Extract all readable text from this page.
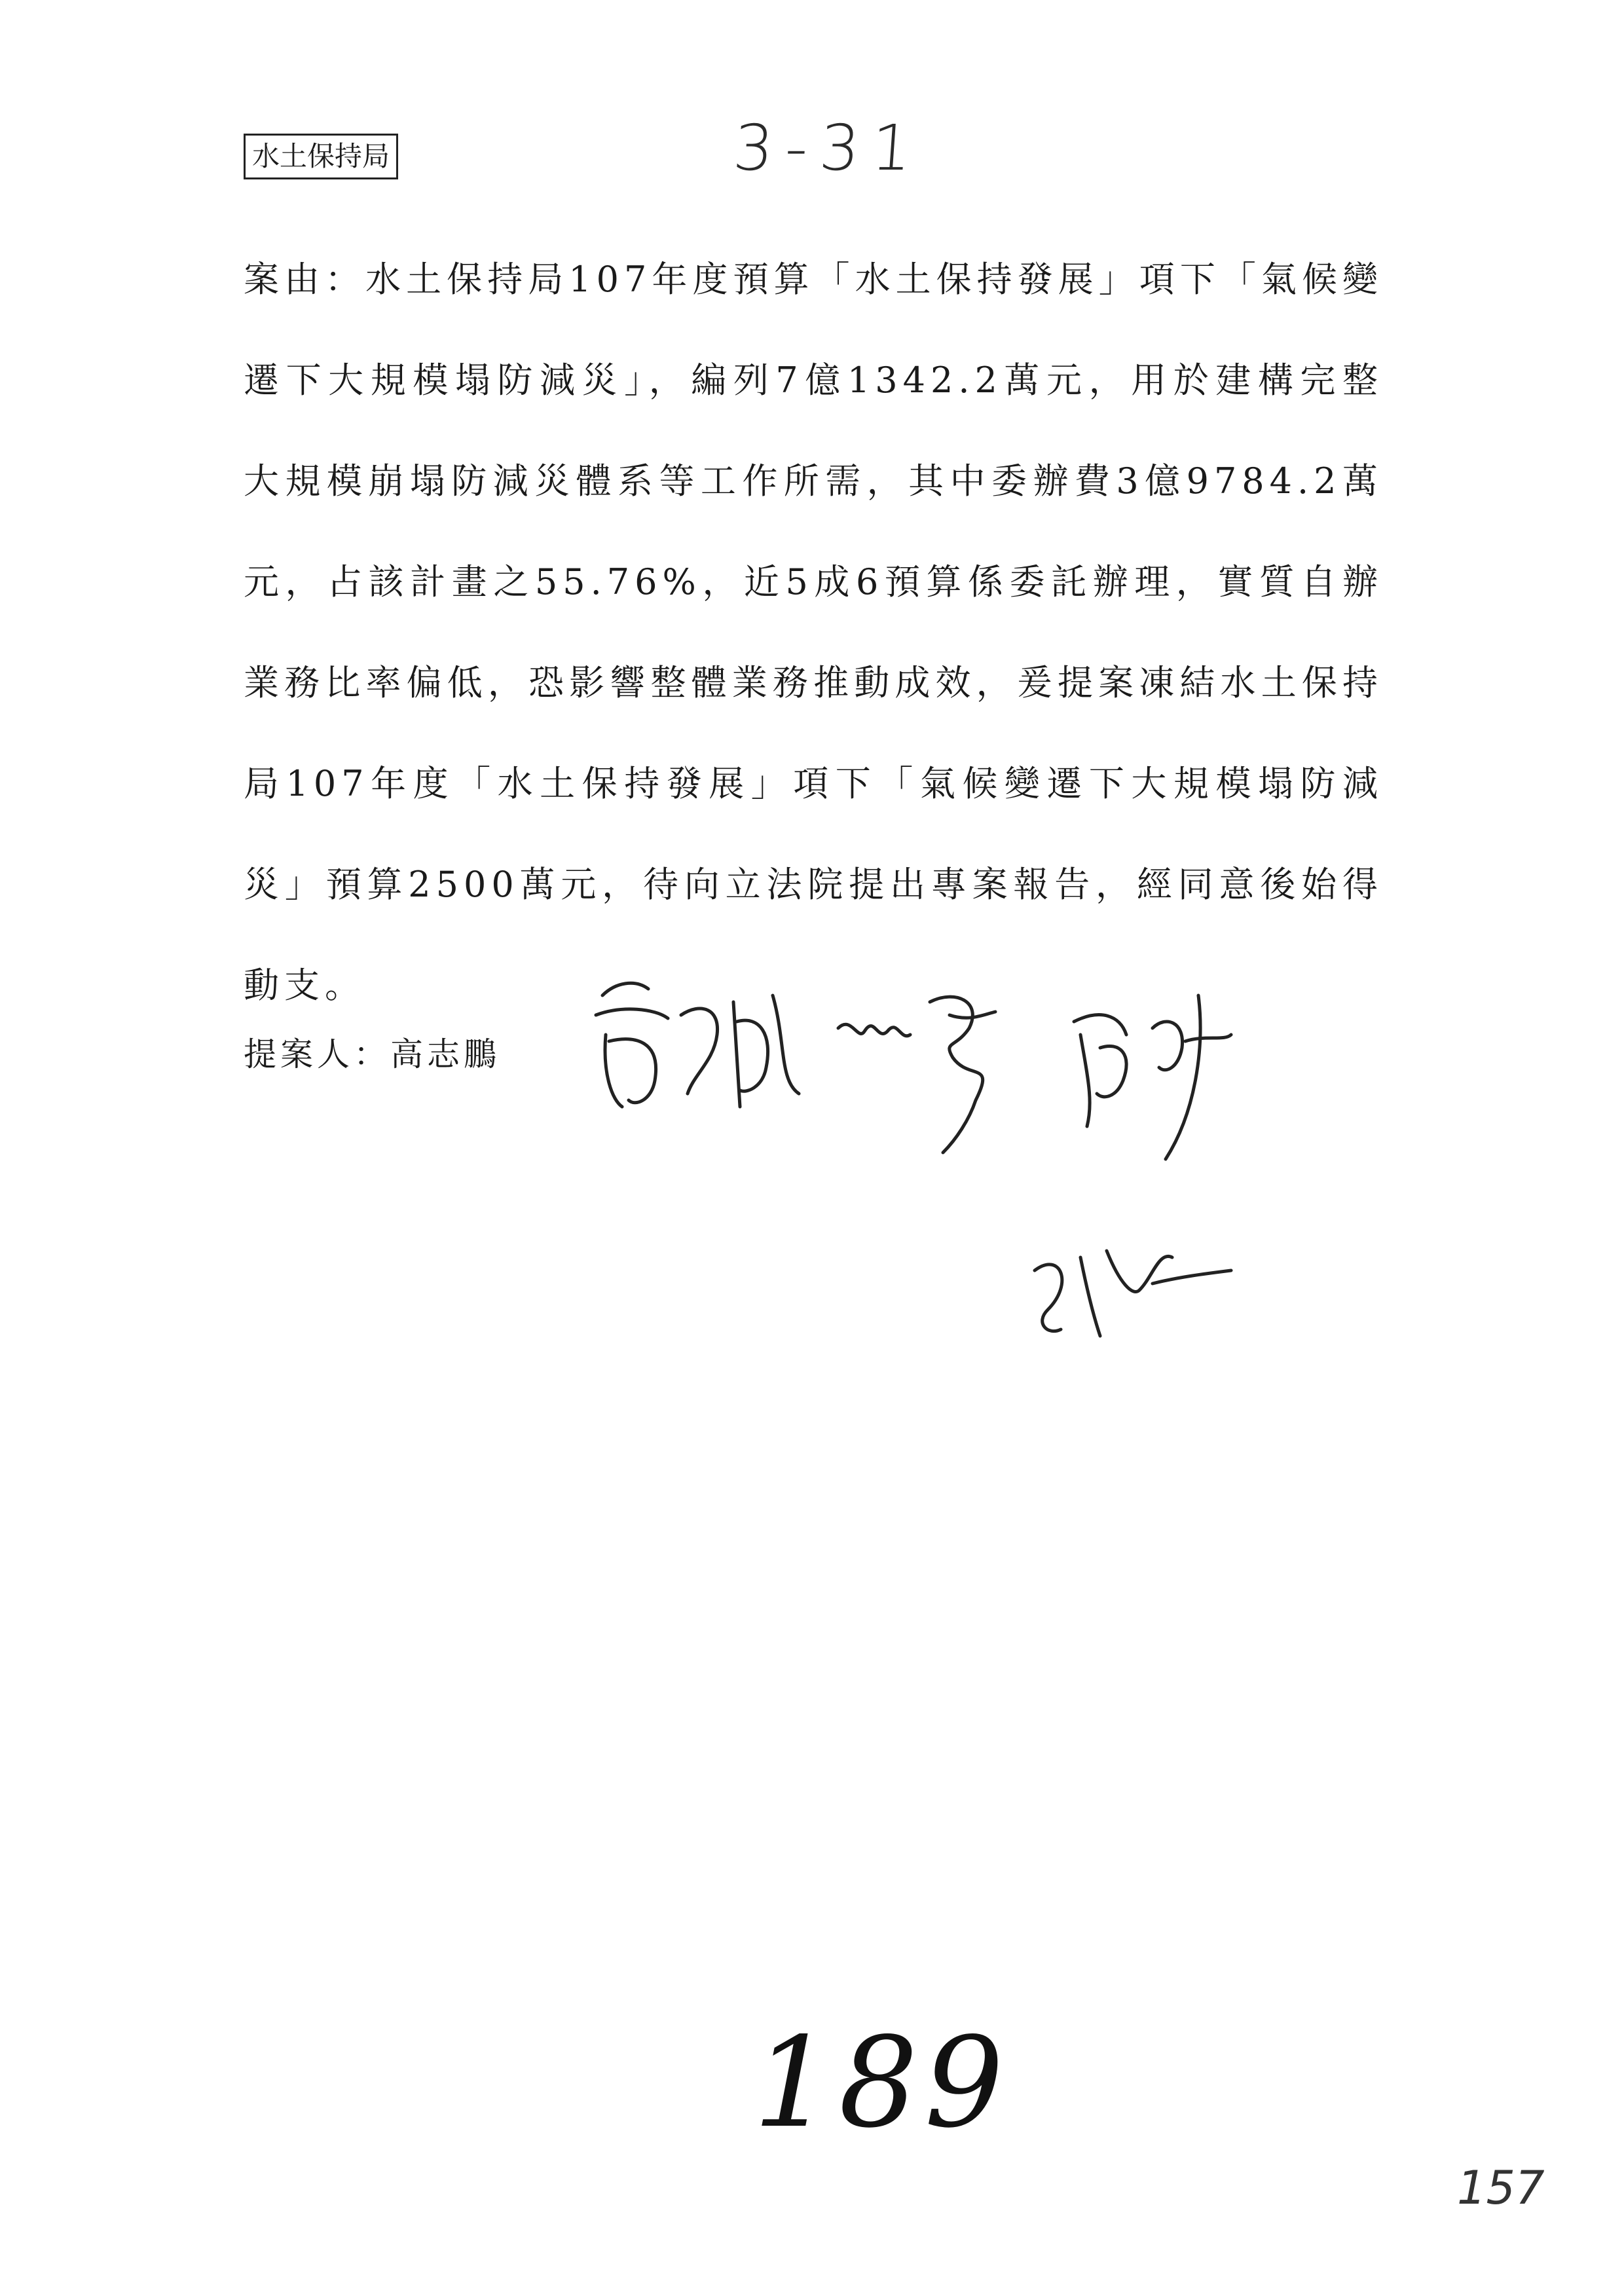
水土保持局	3-31
案由：水土保持局107年度預算「水土保持發展」項下「氣候變遷下大規模塌防減災」，編列7億1342.2萬元，用於建構完整大規模崩塌防減災體系等工作所需，其中委辦費3億9784.2萬元，占該計畫之55.76%，近5成6預算係委託辦理，實質自辦業務比率偏低，恐影響整體業務推動成效，爰提案凍結水土保持局107年度「水土保持發展」項下「氣候變遷下大規模塌防減災」預算2500萬元，待向立法院提出專案報告，經同意後始得動支。
提案人：高志鵬
189
157
